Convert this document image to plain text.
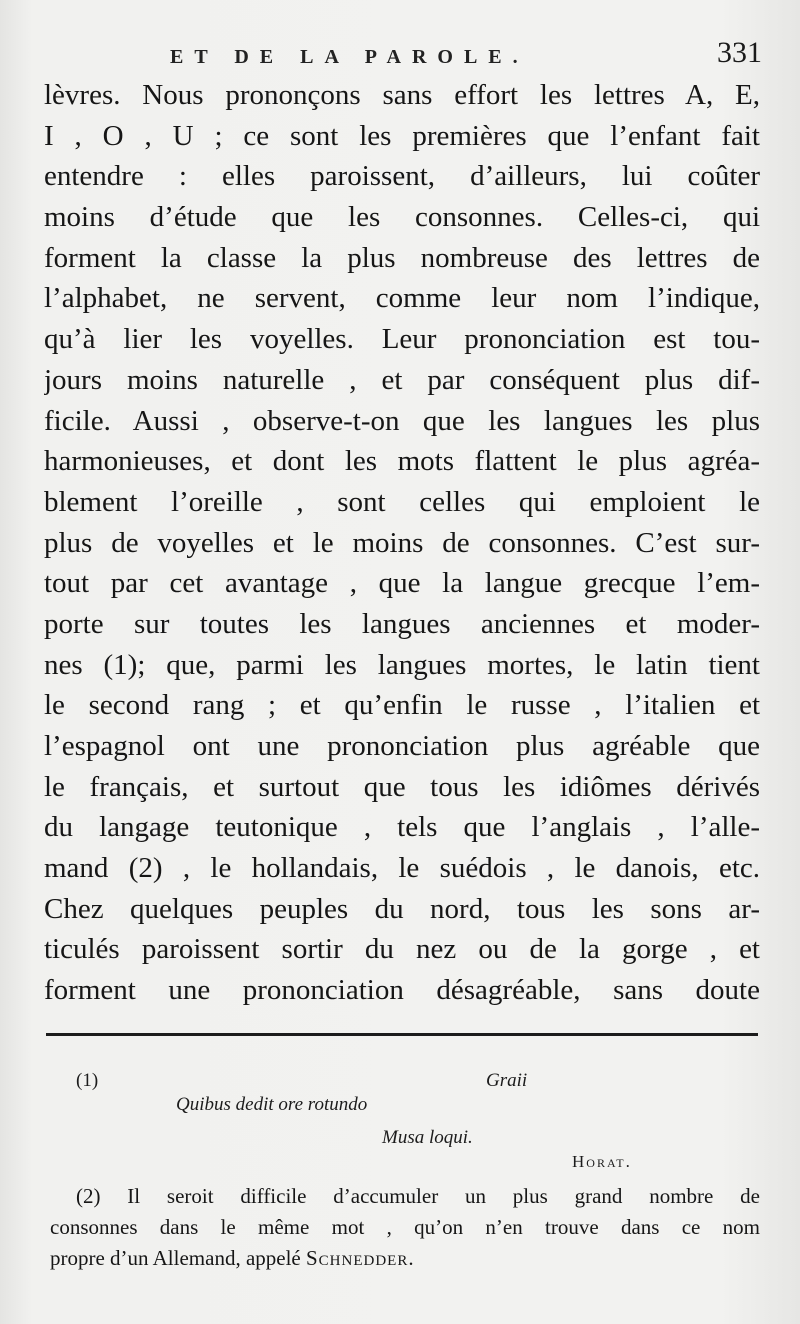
ET DE LA PAROLE.	331
lèvres. Nous prononçons sans effort les lettres A, E,
I , O , U ; ce sont les premières que l’enfant fait
entendre : elles paroissent, d’ailleurs, lui coûter
moins d’étude que les consonnes. Celles-ci, qui
forment la classe la plus nombreuse des lettres de
l’alphabet, ne servent, comme leur nom l’indique,
qu’à lier les voyelles. Leur prononciation est tou-
jours moins naturelle , et par conséquent plus dif-
ficile. Aussi , observe-t-on que les langues les plus
harmonieuses, et dont les mots flattent le plus agréa-
blement l’oreille , sont celles qui emploient le
plus de voyelles et le moins de consonnes. C’est sur-
tout par cet avantage , que la langue grecque l’em-
porte sur toutes les langues anciennes et moder-
nes (1); que, parmi les langues mortes, le latin tient
le second rang ; et qu’enfin le russe , l’italien et
l’espagnol ont une prononciation plus agréable que
le français, et surtout que tous les idiômes dérivés
du langage teutonique , tels que l’anglais , l’alle-
mand (2) , le hollandais, le suédois , le danois, etc.
Chez quelques peuples du nord, tous les sons ar-
ticulés paroissent sortir du nez ou de la gorge , et
forment une prononciation désagréable, sans doute
(1)	Graii
Quibus dedit ore rotundo
Musa loqui.
Horat.
(2) Il seroit difficile d’accumuler un plus grand nombre de
consonnes dans le même mot , qu’on n’en trouve dans ce nom
propre d’un Allemand, appelé Schnedder.
